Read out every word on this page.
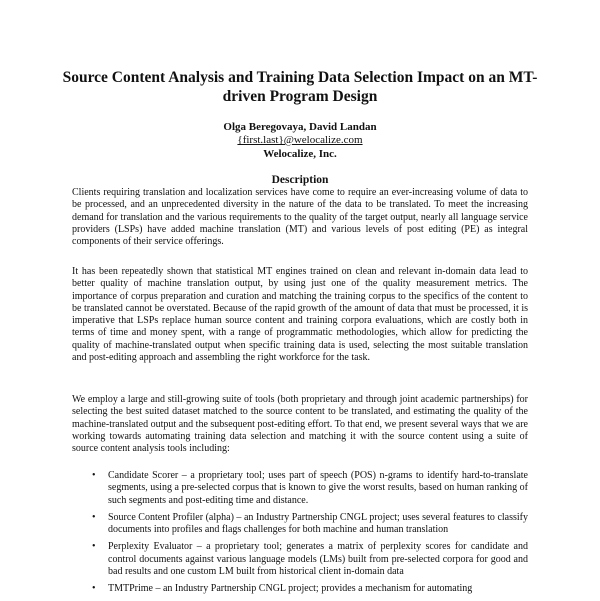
Source Content Analysis and Training Data Selection Impact on an MT-driven Program Design
Olga Beregovaya, David Landan
{first.last}@welocalize.com
Welocalize, Inc.
Description
Clients requiring translation and localization services have come to require an ever-increasing volume of data to be processed, and an unprecedented diversity in the nature of the data to be translated. To meet the increasing demand for translation and the various requirements to the quality of the target output, nearly all language service providers (LSPs) have added machine translation (MT) and various levels of post editing (PE) as integral components of their service offerings.
It has been repeatedly shown that statistical MT engines trained on clean and relevant in-domain data lead to better quality of machine translation output, by using just one of the quality measurement metrics. The importance of corpus preparation and curation and matching the training corpus to the specifics of the content to be translated cannot be overstated. Because of the rapid growth of the amount of data that must be processed, it is imperative that LSPs replace human source content and training corpora evaluations, which are costly both in terms of time and money spent, with a range of programmatic methodologies, which allow for predicting the quality of machine-translated output when specific training data is used, selecting the most suitable translation and post-editing approach and assembling the right workforce for the task.
We employ a large and still-growing suite of tools (both proprietary and through joint academic partnerships) for selecting the best suited dataset matched to the source content to be translated, and estimating the quality of the machine-translated output and the subsequent post-editing effort. To that end, we present several ways that we are working towards automating training data selection and matching it with the source content using a suite of source content analysis tools including:
• Candidate Scorer – a proprietary tool; uses part of speech (POS) n-grams to identify hard-to-translate segments, using a pre-selected corpus that is known to give the worst results, based on human ranking of such segments and post-editing time and distance.
• Source Content Profiler (alpha) – an Industry Partnership CNGL project; uses several features to classify documents into profiles and flags challenges for both machine and human translation
• Perplexity Evaluator – a proprietary tool; generates a matrix of perplexity scores for candidate and control documents against various language models (LMs) built from pre-selected corpora for good and bad results and one custom LM built from historical client in-domain data
• TMTPrime – an Industry Partnership CNGL project; provides a mechanism for automating
